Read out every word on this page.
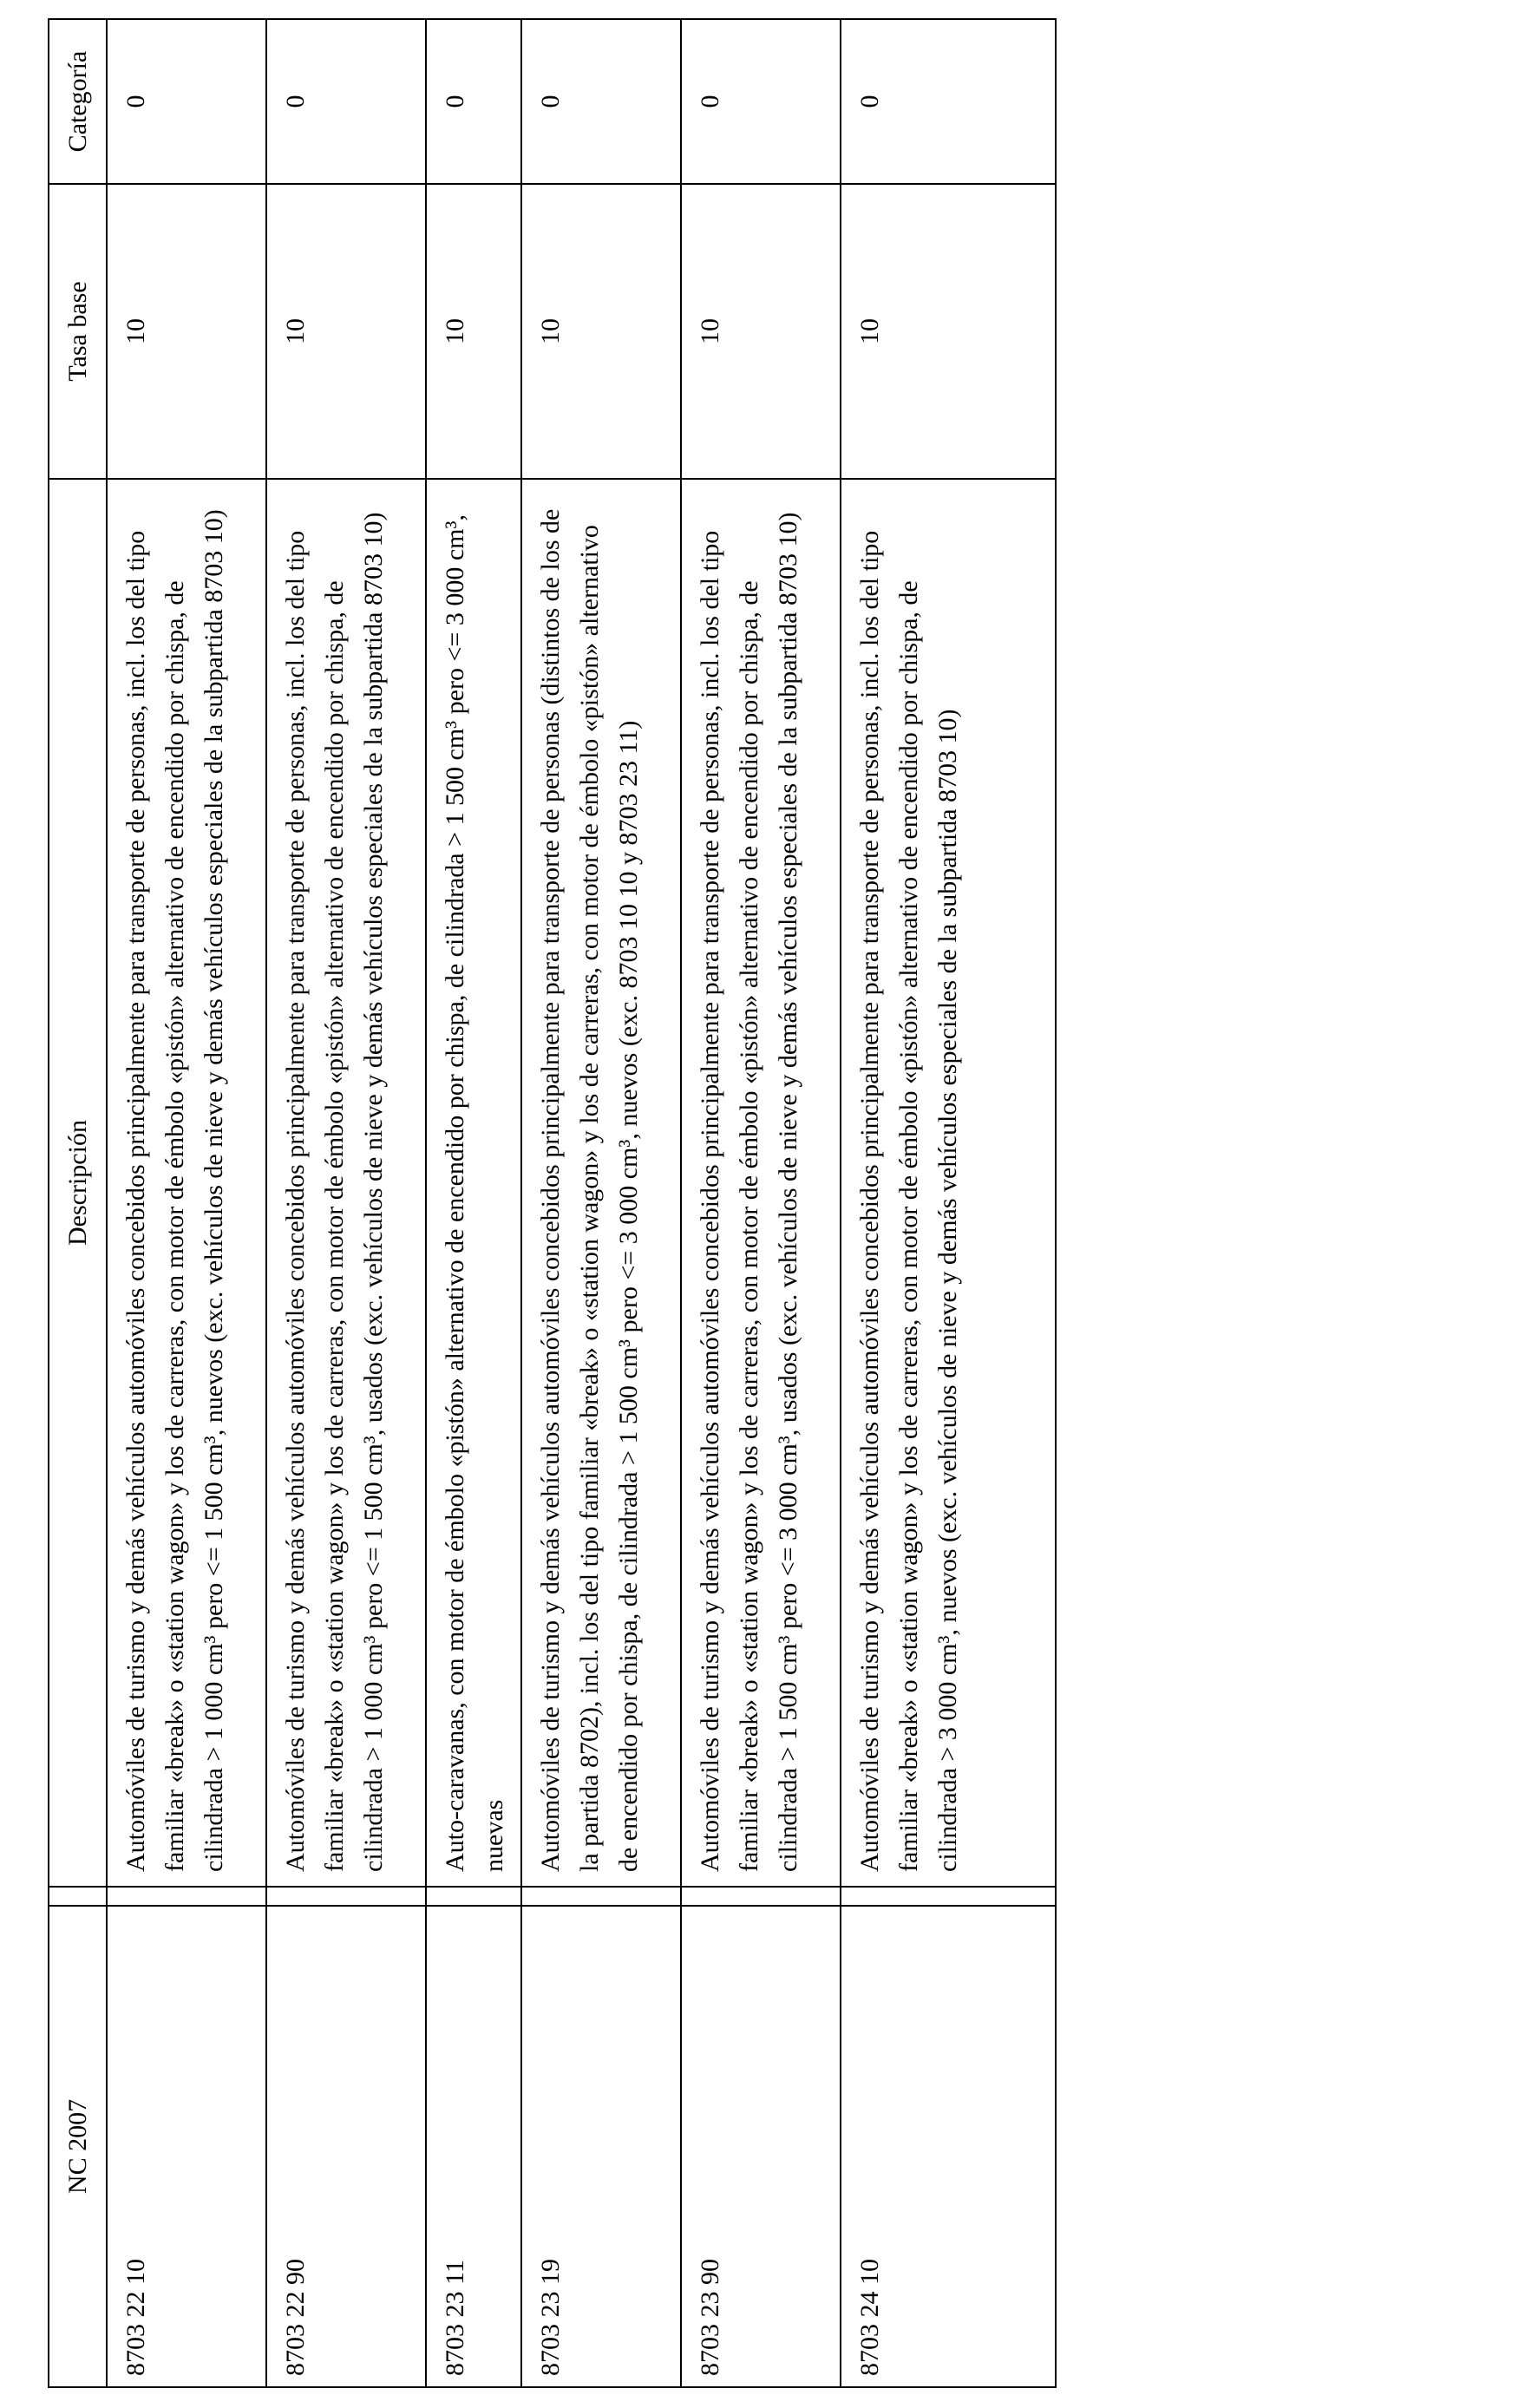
NC 2007		Descripción	Tasa base	Categoría
8703 22 10		Automóviles de turismo y demás vehículos automóviles concebidos principalmente para transporte de personas, incl. los del tipo familiar «break» o «station wagon» y los de carreras, con motor de émbolo «pistón» alternativo de encendido por chispa, de cilindrada > 1 000 cm³ pero <= 1 500 cm³, nuevos (exc. vehículos de nieve y demás vehículos especiales de la subpartida 8703 10)	10	0
8703 22 90		Automóviles de turismo y demás vehículos automóviles concebidos principalmente para transporte de personas, incl. los del tipo familiar «break» o «station wagon» y los de carreras, con motor de émbolo «pistón» alternativo de encendido por chispa, de cilindrada > 1 000 cm³ pero <= 1 500 cm³, usados (exc. vehículos de nieve y demás vehículos especiales de la subpartida 8703 10)	10	0
8703 23 11		Auto-caravanas, con motor de émbolo «pistón» alternativo de encendido por chispa, de cilindrada > 1 500 cm³ pero <= 3 000 cm³, nuevas	10	0
8703 23 19		Automóviles de turismo y demás vehículos automóviles concebidos principalmente para transporte de personas (distintos de los de la partida 8702), incl. los del tipo familiar «break» o «station wagon» y los de carreras, con motor de émbolo «pistón» alternativo de encendido por chispa, de cilindrada > 1 500 cm³ pero <= 3 000 cm³, nuevos (exc. 8703 10 10 y 8703 23 11)	10	0
8703 23 90		Automóviles de turismo y demás vehículos automóviles concebidos principalmente para transporte de personas, incl. los del tipo familiar «break» o «station wagon» y los de carreras, con motor de émbolo «pistón» alternativo de encendido por chispa, de cilindrada > 1 500 cm³ pero <= 3 000 cm³, usados (exc. vehículos de nieve y demás vehículos especiales de la subpartida 8703 10)	10	0
8703 24 10		Automóviles de turismo y demás vehículos automóviles concebidos principalmente para transporte de personas, incl. los del tipo familiar «break» o «station wagon» y los de carreras, con motor de émbolo «pistón» alternativo de encendido por chispa, de cilindrada > 3 000 cm³, nuevos (exc. vehículos de nieve y demás vehículos especiales de la subpartida 8703 10)	10	0
